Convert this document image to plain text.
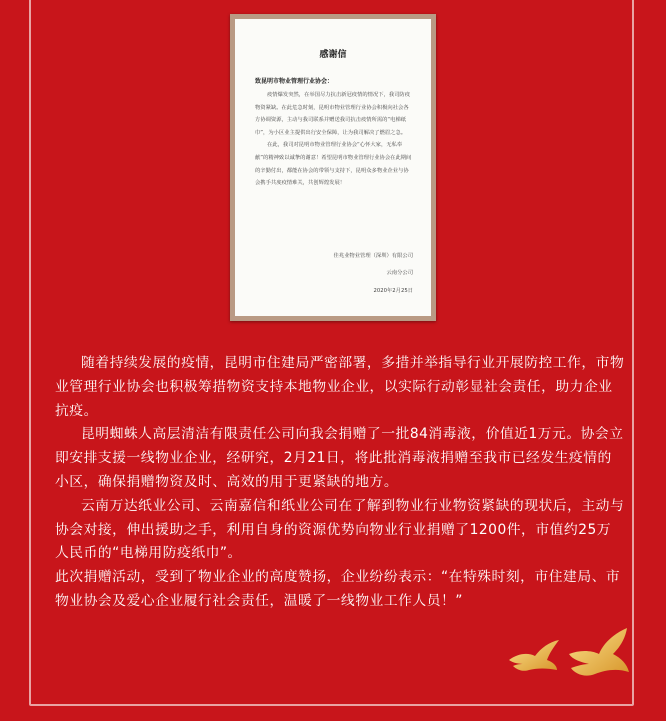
感谢信
致昆明市物业管理行业协会：

疫情爆发突然，在举国尽力抗击新冠疫情的情况下，我司防疫物资紧缺。在此危急时刻，昆明市物业管理行业协会积极向社会各方协调资源，主动与我司联系并赠送我司抗击疫情所需的“电梯纸巾”，为小区业主提供出行安全保障，让为我司解决了燃眉之急。

在此，我司对昆明市物业管理行业协会“心怀大家，无私奉献”的精神致以诚挚的谢意！希望昆明市物业管理行业协会在此期间的辛勤付出，都能在协会的带领与支持下，昆明众多物业企业与协会携手共度疫情难关，共创辉煌发展！

佳兆业物业管理（深圳）有限公司
云南分公司
2020年2月25日

随着持续发展的疫情，昆明市住建局严密部署，多措并举指导行业开展防控工作，市物业管理行业协会也积极筹措物资支持本地物业企业，以实际行动彰显社会责任，助力企业抗疫。

昆明蜘蛛人高层清洁有限责任公司向我会捐赠了一批84消毒液，价值近1万元。协会立即安排支援一线物业企业，经研究，2月21日，将此批消毒液捐赠至我市已经发生疫情的小区，确保捐赠物资及时、高效的用于更紧缺的地方。

云南万达纸业公司、云南嘉信和纸业公司在了解到物业行业物资紧缺的现状后，主动与协会对接，伸出援助之手，利用自身的资源优势向物业行业捐赠了1200件，市值约25万人民币的“电梯用防疫纸巾”。

此次捐赠活动，受到了物业企业的高度赞扬，企业纷纷表示：“在特殊时刻，市住建局、市物业协会及爱心企业履行社会责任，温暖了一线物业工作人员！”
